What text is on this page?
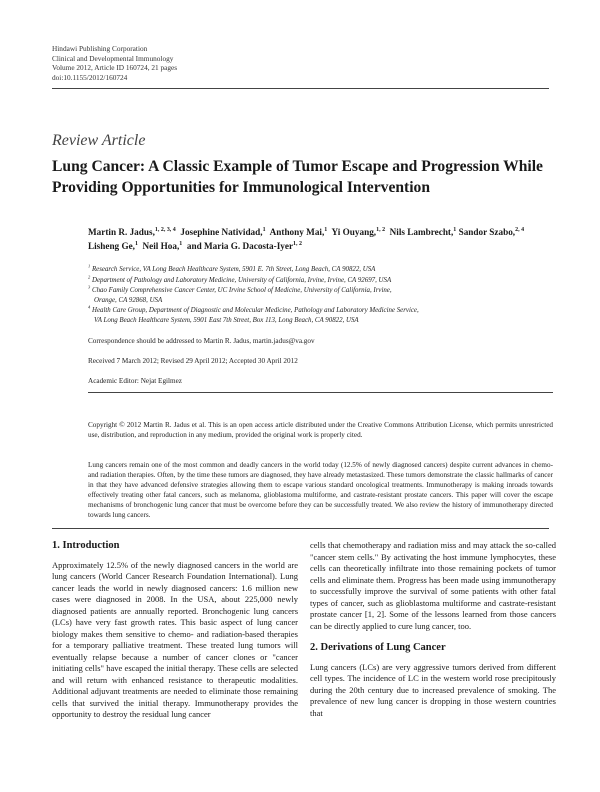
Hindawi Publishing Corporation
Clinical and Developmental Immunology
Volume 2012, Article ID 160724, 21 pages
doi:10.1155/2012/160724
Review Article
Lung Cancer: A Classic Example of Tumor Escape and Progression While Providing Opportunities for Immunological Intervention
Martin R. Jadus,$^{1, 2, 3, 4}$ Josephine Natividad,$^1$ Anthony Mai,$^1$ Yi Ouyang,$^{1, 2}$ Nils Lambrecht,$^1$ Sandor Szabo,$^{2, 4}$  Lisheng Ge,$^1$ Neil Hoa,$^1$ and Maria G. Dacosta-Iyer$^{1, 2}$
$^1$ Research Service, VA Long Beach Healthcare System, 5901 E. 7th Street, Long Beach, CA 90822, USA
$^2$ Department of Pathology and Laboratory Medicine, University of California, Irvine, Irvine, CA 92697, USA
$^3$ Chao Family Comprehensive Cancer Center, UC Irvine School of Medicine, University of California, Irvine,
Orange, CA 92868, USA
$^4$ Health Care Group, Department of Diagnostic and Molecular Medicine, Pathology and Laboratory Medicine Service,
VA Long Beach Healthcare System, 5901 East 7th Street, Box 113, Long Beach, CA 90822, USA
Correspondence should be addressed to Martin R. Jadus, martin.jadus@va.gov
Received 7 March 2012; Revised 29 April 2012; Accepted 30 April 2012
Academic Editor: Nejat Egilmez
Copyright © 2012 Martin R. Jadus et al. This is an open access article distributed under the Creative Commons Attribution License, which permits unrestricted use, distribution, and reproduction in any medium, provided the original work is properly cited.
Lung cancers remain one of the most common and deadly cancers in the world today (12.5% of newly diagnosed cancers) despite current advances in chemo- and radiation therapies. Often, by the time these tumors are diagnosed, they have already metastasized. These tumors demonstrate the classic hallmarks of cancer in that they have advanced defensive strategies allowing them to escape various standard oncological treatments. Immunotherapy is making inroads towards effectively treating other fatal cancers, such as melanoma, glioblastoma multiforme, and castrate-resistant prostate cancers. This paper will cover the escape mechanisms of bronchogenic lung cancer that must be overcome before they can be successfully treated. We also review the history of immunotherapy directed towards lung cancers.
1. Introduction

Approximately 12.5% of the newly diagnosed cancers in the world are lung cancers (World Cancer Research Foundation International). Lung cancer leads the world in newly diagnosed cancers: 1.6 million new cases were diagnosed in 2008. In the USA, about 225,000 newly diagnosed patients are annually reported. Bronchogenic lung cancers (LCs) have very fast growth rates. This basic aspect of lung cancer biology makes them sensitive to chemo- and radiation-based therapies for a temporary palliative treatment. These treated lung tumors will eventually relapse because a number of cancer clones or "cancer initiating cells" have escaped the initial therapy. These cells are selected and will return with enhanced resistance to therapeutic modalities. Additional adjuvant treatments are needed to eliminate those remaining cells that survived the initial therapy. Immunotherapy provides the opportunity to destroy the residual lung cancer

cells that chemotherapy and radiation miss and may attack the so-called "cancer stem cells." By activating the host immune lymphocytes, these cells can theoretically infiltrate into those remaining pockets of tumor cells and eliminate them. Progress has been made using immunotherapy to successfully improve the survival of some patients with other fatal types of cancer, such as glioblastoma multiforme and castrate-resistant prostate cancer [1, 2]. Some of the lessons learned from those cancers can be directly applied to cure lung cancer, too.

2. Derivations of Lung Cancer

Lung cancers (LCs) are very aggressive tumors derived from different cell types. The incidence of LC in the western world rose precipitously during the 20th century due to increased prevalence of smoking. The prevalence of new lung cancer is dropping in those western countries that
